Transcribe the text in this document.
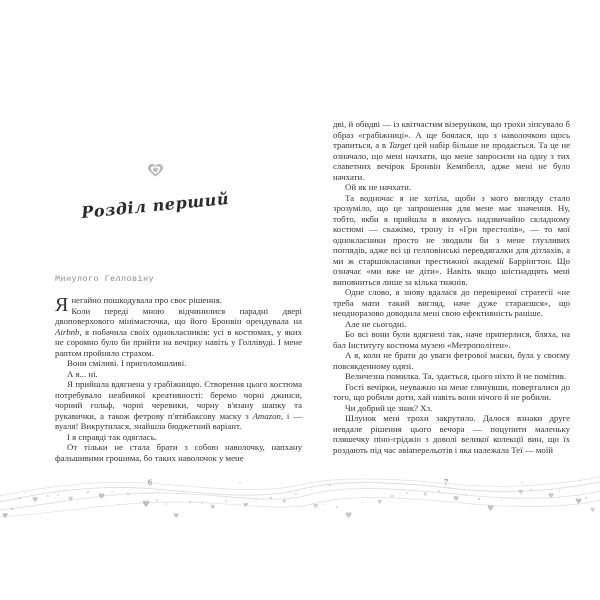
Розділ перший
Минулого Гелловіну
Я негайно пошкодувала про своє рішення.

Коли переді мною відчинилися парадні двері двоповерхового мінімаєточка, що його Бронвін орендувала на Airbnb, я побачила своїх однокласників: усі в костюмах, у яких не соромно було би прийти на вечірку навіть у Голлівуді. І мене раптом пройняло страхом.

Вони сміливі. І приголомшливі.

А я... ні.

Я прийшла вдягнена у грабіжницю. Створення цього костюма потребувало неабиякої креативності: беремо чорні джинси, чорний гольф, чорні черевики, чорну в'язану шапку та рукавички, а також фетрову п'ятибаксову маску з Amazon, і — вуаля! Викрутилася, знайшла бюджетний варіант.

І я справді так одяглась.

От тільки не стала брати з собою наволочку, напхану фальшивими грошима, бо таких наволочок у мене

дві, й обидві — із квітчастим візерунком, що трохи зіпсувало б образ «грабіжниці». А ще боялася, що з наволочкою щось трапиться, а в Target цей набір більше не продається. Та це не означало, що мені начхати, що мене запросили на одну з тих славетних вечірок Бронвін Кемпбелл, адже мені не було начхати.

Ой як не начхати.

Та водночас я не хотіла, щоби з мого вигляду стало зрозуміло, що це запрошення для мене має значення. Ну, тобто, якби я прийшла в якомусь надзвичайно складному костюмі — скажімо, трону із «Гри престолів», — то мої однокласники просто не зводили би з мене глузливих поглядів, адже всі ці гелловінські перевдягалки для дітлахів, а ми ж старшокласники престижної академії Баррінгтон. Що означає «ми вже не діти». Навіть якщо шістнадцять мені виповниться лише за кілька тижнів.

Одне слово, я знову вдалася до перевіреної стратегії «не треба мати такий вигляд, наче дуже стараєшся», що неодноразово доводила мені свою ефективність раніше.

Але не сьогодні.

Бо всі вони були вдягнені так, наче приперлися, бляха, на бал Інституту костюма музею «Метрополітен».

А я, коли не брати до уваги фетрової маски, була у своєму повсякденному одязі.

Величезна помилка. Та, здається, цього ніхто й не помітив.

Гості вечірки, неуважно на мене глянувши, поверталися до того, що робили доти, хай навіть вони нічого й не робили.

Чи добрий це знак? Хз.

Шлунок мені трохи закрутило. Далося взнаки друге невдале рішення цього вечора — поцупити маленьку пляшечку піно-гріджіо з доволі великої колекції вин, що їх роздають під час авіаперельотів і яка належала Теї — моїй

6	7
♥	♥	♥
♥
♥
♥	♥	♥
♥
♥
♥
♥	♥
♥
♥	♥
♥
♥
♥
